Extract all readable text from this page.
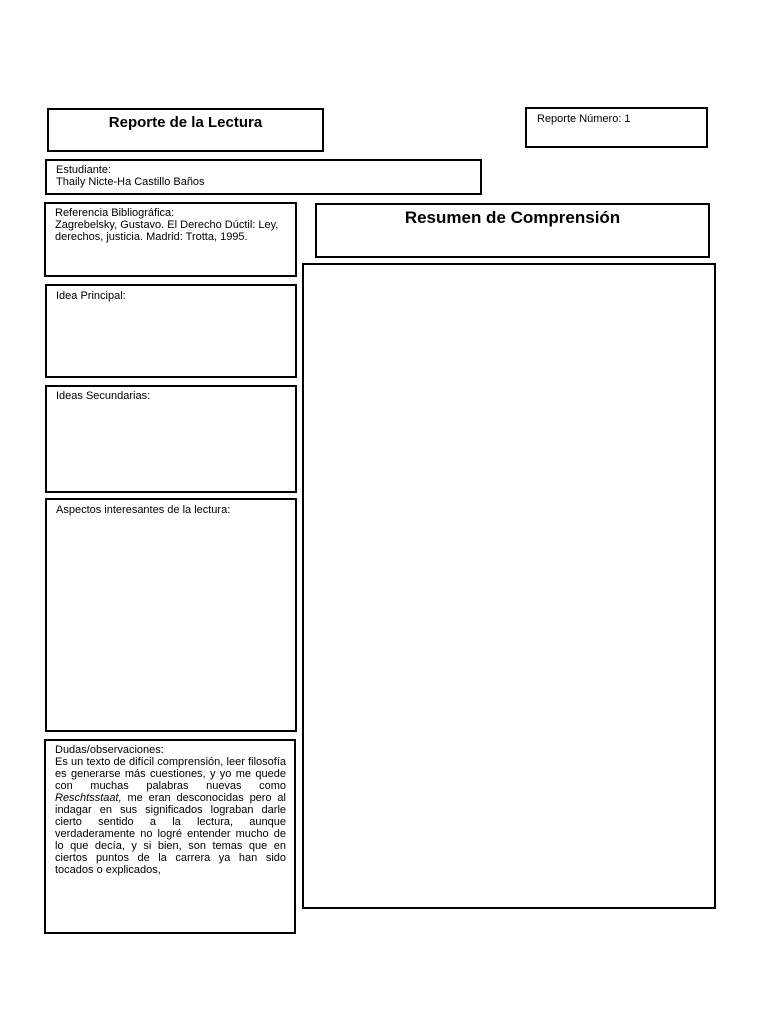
Reporte de la Lectura	Reporte Número: 1
Estudiante:
Thaily Nicte-Ha Castillo Baños
Referencia Bibliográfica:
Zagrebelsky, Gustavo. El Derecho Dúctil: Ley, derechos, justicia. Madrid: Trotta, 1995.
Resumen de Comprensión
Idea Principal:
Ideas Secundarias:
Aspectos interesantes de la lectura:
Dudas/observaciones:
Es un texto de difícil comprensión, leer filosofía es generarse más cuestiones, y yo me quede con muchas palabras nuevas como Reschtsstaat, me eran desconocidas pero al indagar en sus significados lograban darle cierto sentido a la lectura, aunque verdaderamente no logré entender mucho de lo que decía, y si bien, son temas que en ciertos puntos de la carrera ya han sido tocados o explicados,
